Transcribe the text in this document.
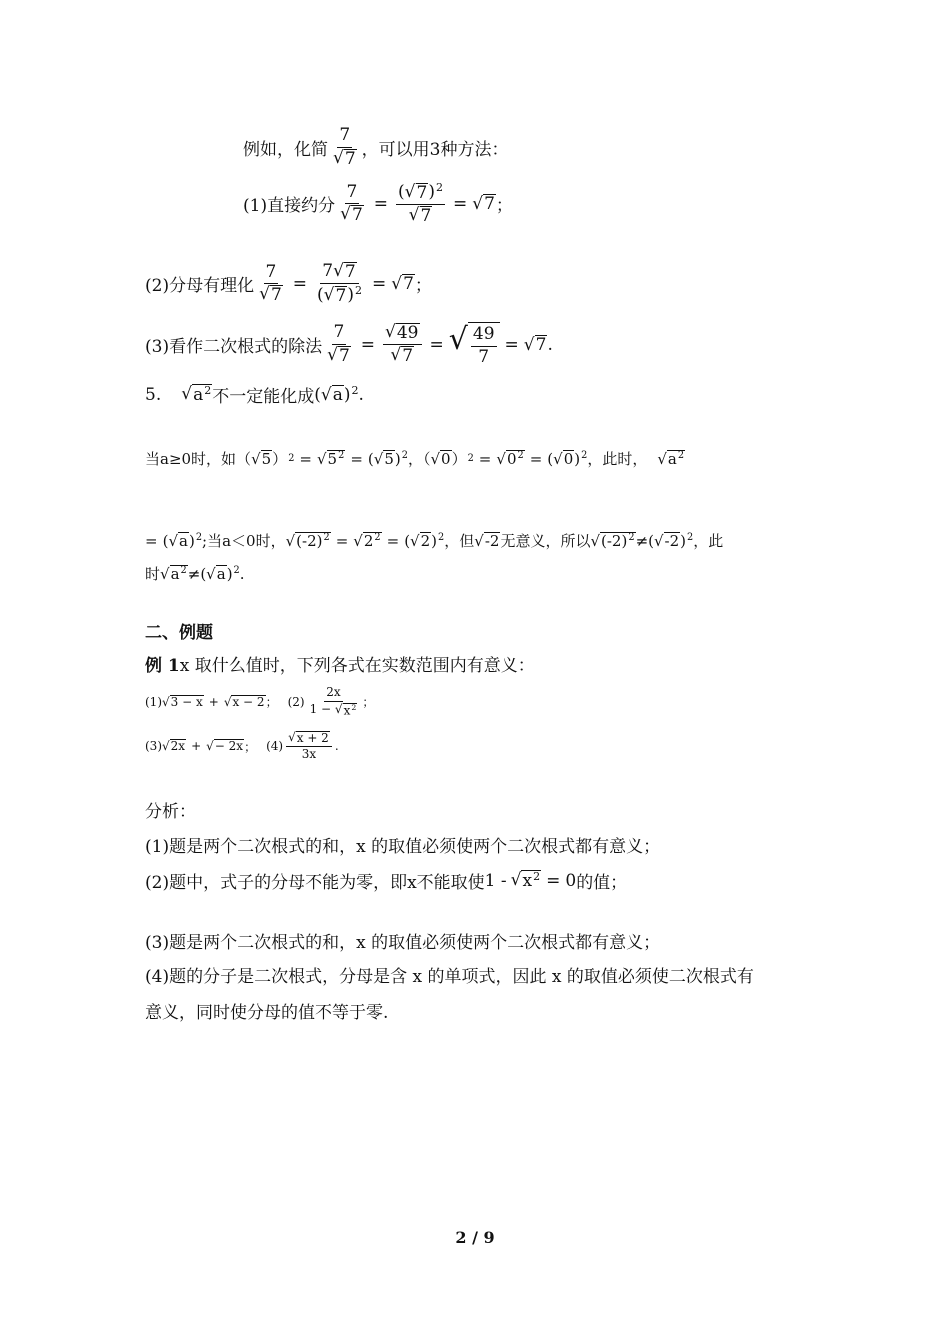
例如，化简 $\frac{7}{√ 7}$ ，可以用3种方法：
(1)直接约分 $\frac{7}{√ 7} = \frac{( √ 7 )^2}{√ 7}$ = √ 7 ；
(2)分母有理化 $\frac{7}{√ 7} = \frac{7 √ 7}{( √ 7 )^2}$ = √ 7 ；
(3)看作二次根式的除法 $\frac{7}{√ 7} = \frac{√ 49}{√ 7}$ = √ $\frac{49}{7}$ = √ 7 .
5. √ $a^2$ 不一定能化成 ( √ a )$^2$.
当a≥0时，如（ √ 5 ） 2 = √ $5^2$ = ( √ 5 )$^2$ ，（ √ 0 ） 2 = √ $0^2$ = ( √ 0 )$^2$ ，此时， √ $a^2$
= ( √ a )$^2$; 当a＜0时， √ $(-2)^2$ = √ $2^2$ = ( √ 2 )$^2$ ，但 √ -2 无意义，所以 √ $(-2)^2$ ≠( √ -2 )$^2$ ，此
时 √ $a^2$ ≠( √ a )$^2$.
二、例题
例 1 x 取什么值时，下列各式在实数范围内有意义：
(1) √ 3 − x + √ x − 2 ； $(2) \frac{2x}{1 - √ x^2}$ ；
(3) √ 2x + √ − 2x ； $(4) \frac{√ x + 2}{3x}$ .
分析：
(1)题是两个二次根式的和，x 的取值必须使两个二次根式都有意义；
(2)题中，式子的分母不能为零，即x不能取使 1 - √ $x^2 = 0$ 的值；
(3)题是两个二次根式的和，x 的取值必须使两个二次根式都有意义；
(4)题的分子是二次根式，分母是含 x 的单项式，因此 x 的取值必须使二次根式有
意义，同时使分母的值不等于零.
2 / 9
